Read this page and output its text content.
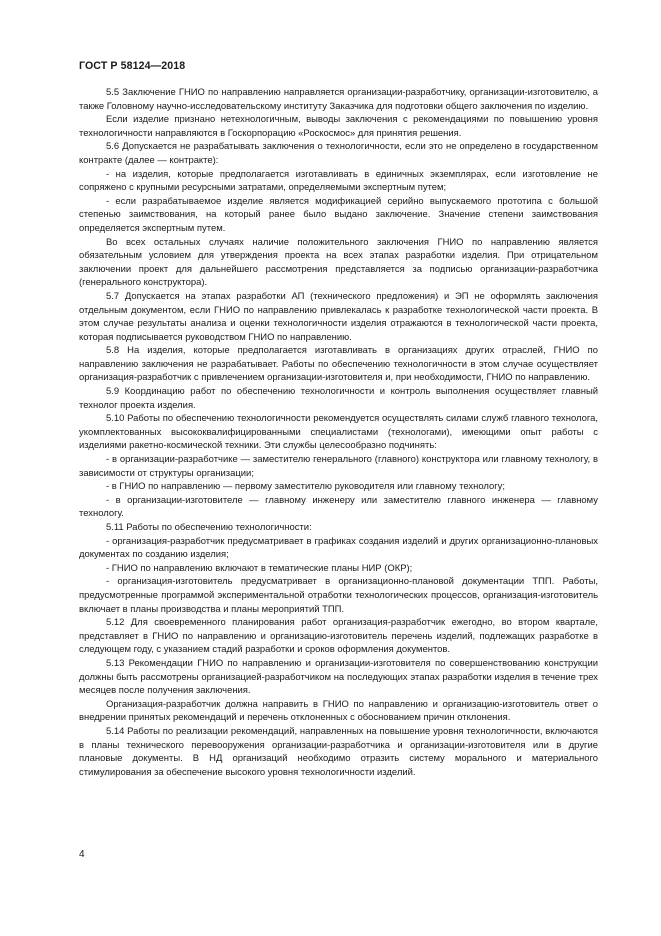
ГОСТ Р 58124—2018

5.5 Заключение ГНИО по направлению направляется организации-разработчику, организации-изготовителю, а также Головному научно-исследовательскому институту Заказчика для подготовки общего заключения по изделию.

Если изделие признано нетехнологичным, выводы заключения с рекомендациями по повышению уровня технологичности направляются в Госкорпорацию «Роскосмос» для принятия решения.

5.6 Допускается не разрабатывать заключения о технологичности, если это не определено в государственном контракте (далее — контракте):

- на изделия, которые предполагается изготавливать в единичных экземплярах, если изготовление не сопряжено с крупными ресурсными затратами, определяемыми экспертным путем;

- если разрабатываемое изделие является модификацией серийно выпускаемого прототипа с большой степенью заимствования, на который ранее было выдано заключение. Значение степени заимствования определяется экспертным путем.

Во всех остальных случаях наличие положительного заключения ГНИО по направлению является обязательным условием для утверждения проекта на всех этапах разработки изделия. При отрицательном заключении проект для дальнейшего рассмотрения представляется за подписью организации-разработчика (генерального конструктора).

5.7 Допускается на этапах разработки АП (технического предложения) и ЭП не оформлять заключения отдельным документом, если ГНИО по направлению привлекалась к разработке технологической части проекта. В этом случае результаты анализа и оценки технологичности изделия отражаются в технологической части проекта, которая подписывается руководством ГНИО по направлению.

5.8 На изделия, которые предполагается изготавливать в организациях других отраслей, ГНИО по направлению заключения не разрабатывает. Работы по обеспечению технологичности в этом случае осуществляет организация-разработчик с привлечением организации-изготовителя и, при необходимости, ГНИО по направлению.

5.9 Координацию работ по обеспечению технологичности и контроль выполнения осуществляет главный технолог проекта изделия.

5.10 Работы по обеспечению технологичности рекомендуется осуществлять силами служб главного технолога, укомплектованных высококвалифицированными специалистами (технологами), имеющими опыт работы с изделиями ракетно-космической техники. Эти службы целесообразно подчинять:

- в организации-разработчике — заместителю генерального (главного) конструктора или главному технологу, в зависимости от структуры организации;

- в ГНИО по направлению — первому заместителю руководителя или главному технологу;

- в организации-изготовителе — главному инженеру или заместителю главного инженера — главному технологу.

5.11 Работы по обеспечению технологичности:

- организация-разработчик предусматривает в графиках создания изделий и других организационно-плановых документах по созданию изделия;

- ГНИО по направлению включают в тематические планы НИР (ОКР);

- организация-изготовитель предусматривает в организационно-плановой документации ТПП. Работы, предусмотренные программой экспериментальной отработки технологических процессов, организация-изготовитель включает в планы производства и планы мероприятий ТПП.

5.12 Для своевременного планирования работ организация-разработчик ежегодно, во втором квартале, представляет в ГНИО по направлению и организацию-изготовитель перечень изделий, подлежащих разработке в следующем году, с указанием стадий разработки и сроков оформления документов.

5.13 Рекомендации ГНИО по направлению и организации-изготовителя по совершенствованию конструкции должны быть рассмотрены организацией-разработчиком на последующих этапах разработки изделия в течение трех месяцев после получения заключения.

Организация-разработчик должна направить в ГНИО по направлению и организацию-изготовитель ответ о внедрении принятых рекомендаций и перечень отклоненных с обоснованием причин отклонения.

5.14 Работы по реализации рекомендаций, направленных на повышение уровня технологичности, включаются в планы технического перевооружения организации-разработчика и организации-изготовителя или в другие плановые документы. В НД организаций необходимо отразить систему морального и материального стимулирования за обеспечение высокого уровня технологичности изделий.

4
